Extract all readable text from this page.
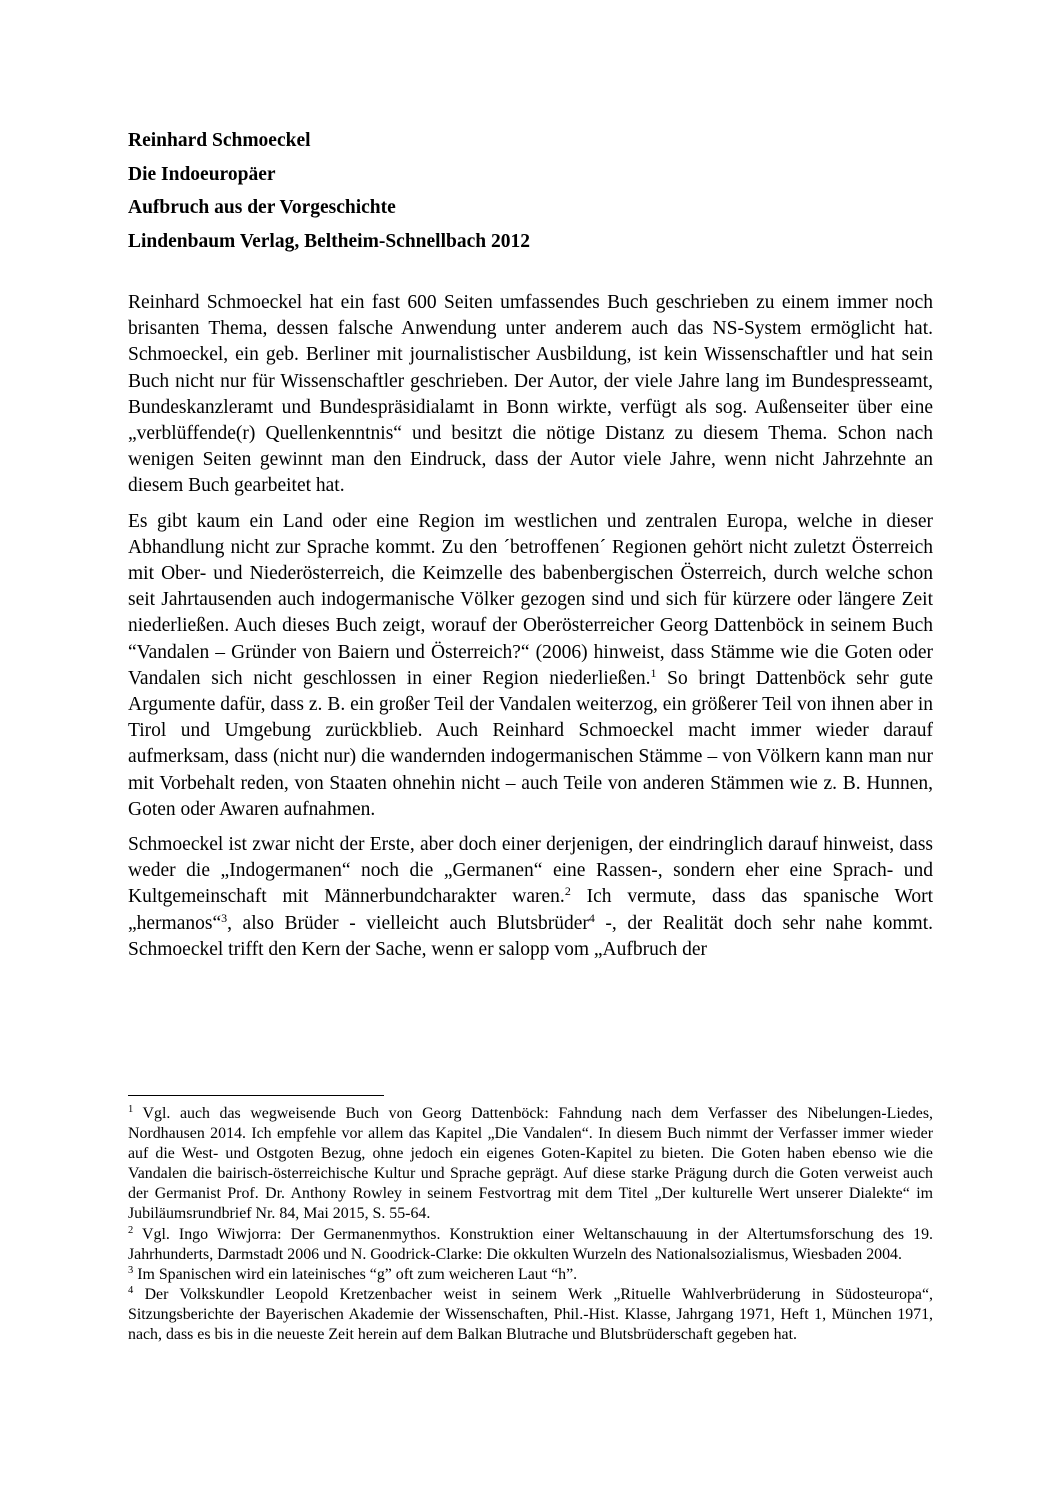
Reinhard Schmoeckel
Die Indoeuropäer
Aufbruch aus der Vorgeschichte
Lindenbaum Verlag, Beltheim-Schnellbach 2012

Reinhard Schmoeckel hat ein fast 600 Seiten umfassendes Buch geschrieben zu einem immer noch brisanten Thema, dessen falsche Anwendung unter anderem auch das NS-System ermöglicht hat. Schmoeckel, ein geb. Berliner mit journalistischer Ausbildung, ist kein Wissenschaftler und hat sein Buch nicht nur für Wissenschaftler geschrieben. Der Autor, der viele Jahre lang im Bundespresseamt, Bundeskanzleramt und Bundespräsidialamt in Bonn wirkte, verfügt als sog. Außenseiter über eine „verblüffende(r) Quellenkenntnis“ und besitzt die nötige Distanz zu diesem Thema. Schon nach wenigen Seiten gewinnt man den Eindruck, dass der Autor viele Jahre, wenn nicht Jahrzehnte an diesem Buch gearbeitet hat.

Es gibt kaum ein Land oder eine Region im westlichen und zentralen Europa, welche in dieser Abhandlung nicht zur Sprache kommt. Zu den ´betroffenen´ Regionen gehört nicht zuletzt Österreich mit Ober- und Niederösterreich, die Keimzelle des babenbergischen Österreich, durch welche schon seit Jahrtausenden auch indogermanische Völker gezogen sind und sich für kürzere oder längere Zeit niederließen. Auch dieses Buch zeigt, worauf der Oberösterreicher Georg Dattenböck in seinem Buch “Vandalen – Gründer von Baiern und Österreich?“ (2006) hinweist, dass Stämme wie die Goten oder Vandalen sich nicht geschlossen in einer Region niederließen.$^1$ So bringt Dattenböck sehr gute Argumente dafür, dass z. B. ein großer Teil der Vandalen weiterzog, ein größerer Teil von ihnen aber in Tirol und Umgebung zurückblieb. Auch Reinhard Schmoeckel macht immer wieder darauf aufmerksam, dass (nicht nur) die wandernden indogermanischen Stämme – von Völkern kann man nur mit Vorbehalt reden, von Staaten ohnehin nicht – auch Teile von anderen Stämmen wie z. B. Hunnen, Goten oder Awaren aufnahmen.

Schmoeckel ist zwar nicht der Erste, aber doch einer derjenigen, der eindringlich darauf hinweist, dass weder die „Indogermanen“ noch die „Germanen“ eine Rassen-, sondern eher eine Sprach- und Kultgemeinschaft mit Männerbundcharakter waren.$^2$ Ich vermute, dass das spanische Wort „hermanos“$^3$, also Brüder - vielleicht auch Blutsbrüder$^4$ -, der Realität doch sehr nahe kommt. Schmoeckel trifft den Kern der Sache, wenn er salopp vom „Aufbruch der

$^1$ Vgl. auch das wegweisende Buch von Georg Dattenböck: Fahndung nach dem Verfasser des Nibelungen-Liedes, Nordhausen 2014. Ich empfehle vor allem das Kapitel „Die Vandalen“. In diesem Buch nimmt der Verfasser immer wieder auf die West- und Ostgoten Bezug, ohne jedoch ein eigenes Goten-Kapitel zu bieten. Die Goten haben ebenso wie die Vandalen die bairisch-österreichische Kultur und Sprache geprägt. Auf diese starke Prägung durch die Goten verweist auch der Germanist Prof. Dr. Anthony Rowley in seinem Festvortrag mit dem Titel „Der kulturelle Wert unserer Dialekte“ im Jubiläumsrundbrief Nr. 84, Mai 2015, S. 55-64.

$^2$ Vgl. Ingo Wiwjorra: Der Germanenmythos. Konstruktion einer Weltanschauung in der Altertumsforschung des 19. Jahrhunderts, Darmstadt 2006 und N. Goodrick-Clarke: Die okkulten Wurzeln des Nationalsozialismus, Wiesbaden 2004.

$^3$ Im Spanischen wird ein lateinisches “g” oft zum weicheren Laut “h”.

$^4$ Der Volkskundler Leopold Kretzenbacher weist in seinem Werk „Rituelle Wahlverbrüderung in Südosteuropa“, Sitzungsberichte der Bayerischen Akademie der Wissenschaften, Phil.-Hist. Klasse, Jahrgang 1971, Heft 1, München 1971, nach, dass es bis in die neueste Zeit herein auf dem Balkan Blutrache und Blutsbrüderschaft gegeben hat.
